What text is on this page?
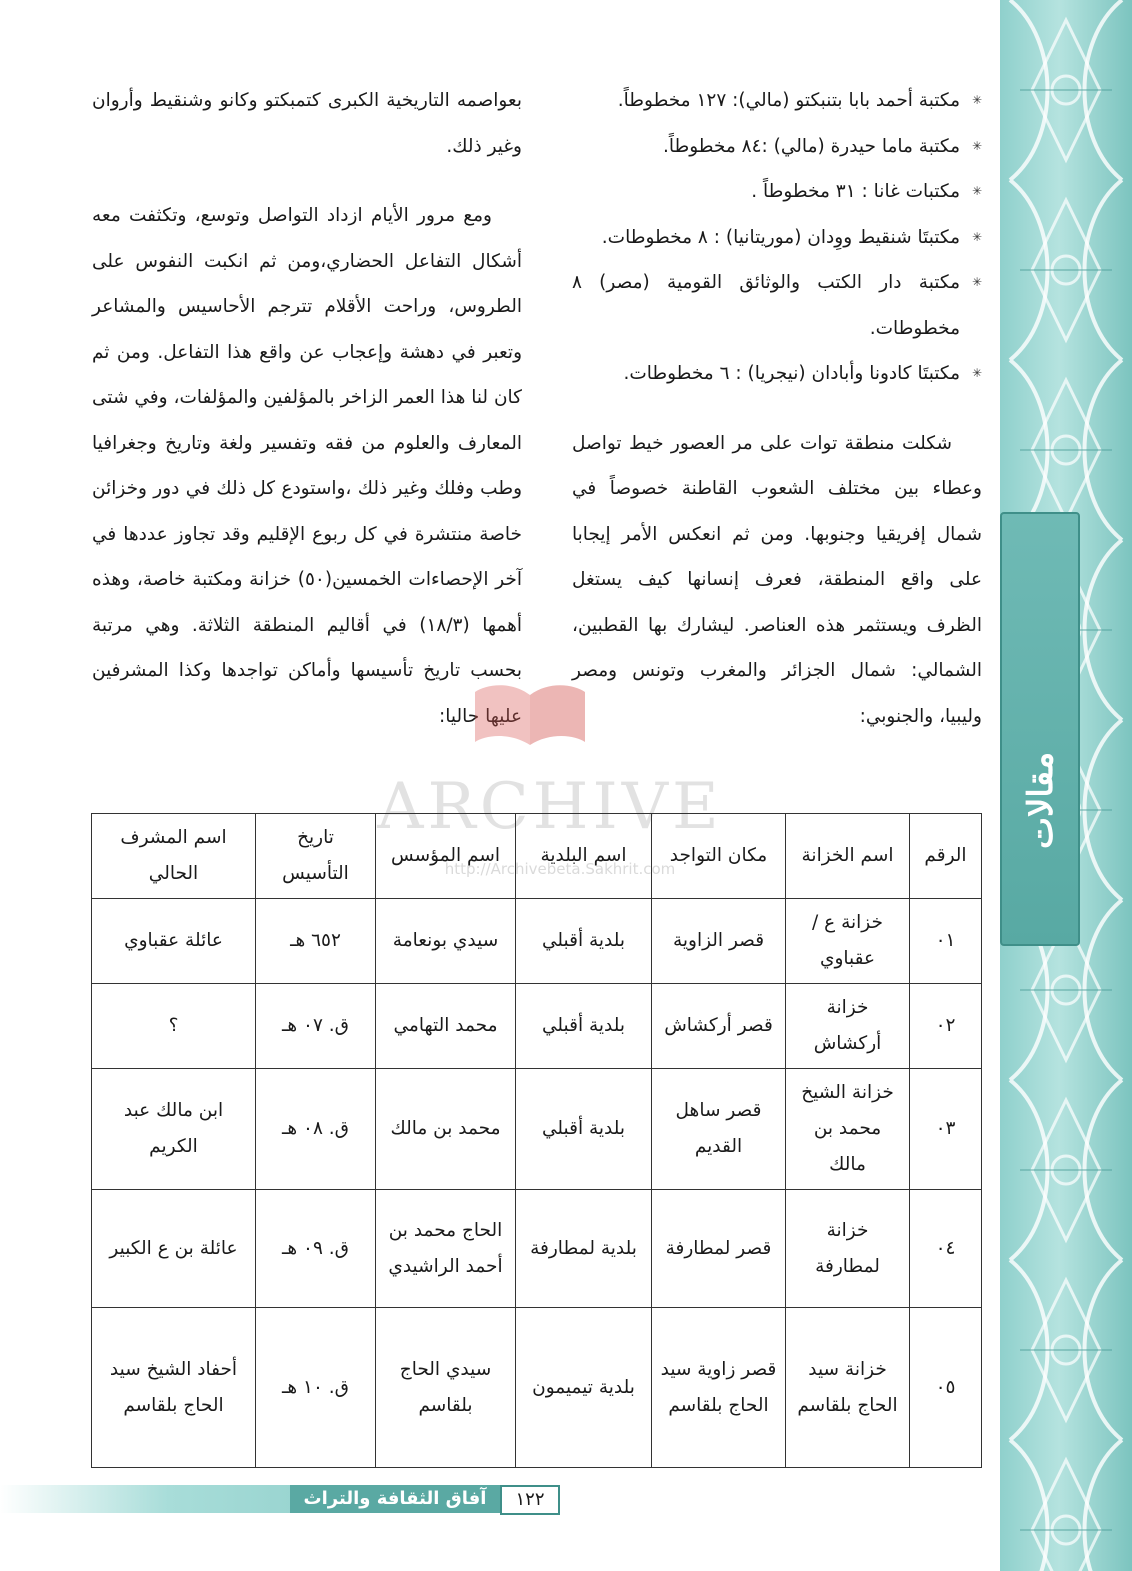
مقالات

✳ مكتبة أحمد بابا بتنبكتو (مالي): ١٢٧ مخطوطاً.

✳ مكتبة ماما حيدرة (مالي) :٨٤ مخطوطاً.

✳ مكتبات غانا : ٣١ مخطوطاً .

✳ مكتبتَا شنقيط ووِدان (موريتانيا) : ٨ مخطوطات.

✳ مكتبة دار الكتب والوثائق القومية (مصر) ٨ مخطوطات.

✳ مكتبتَا كادونا وأبادان (نيجريا) : ٦ مخطوطات.

شكلت منطقة توات على مر العصور خيط تواصل وعطاء بين مختلف الشعوب القاطنة خصوصاً في شمال إفريقيا وجنوبها. ومن ثم انعكس الأمر إيجابا على واقع المنطقة، فعرف إنسانها كيف يستغل الظرف ويستثمر هذه العناصر. ليشارك بها القطبين، الشمالي: شمال الجزائر والمغرب وتونس ومصر وليبيا، والجنوبي:

بعواصمه التاريخية الكبرى كتمبكتو وكانو وشنقيط وأروان وغير ذلك.

ومع مرور الأيام ازداد التواصل وتوسع، وتكثفت معه أشكال التفاعل الحضاري،ومن ثم انكبت النفوس على الطروس، وراحت الأقلام تترجم الأحاسيس والمشاعر وتعبر في دهشة وإعجاب عن واقع هذا التفاعل. ومن ثم كان لنا هذا العمر الزاخر بالمؤلفين والمؤلفات، وفي شتى المعارف والعلوم من فقه وتفسير ولغة وتاريخ وجغرافيا وطب وفلك وغير ذلك ،واستودع كل ذلك في دور وخزائن خاصة منتشرة في كل ربوع الإقليم وقد تجاوز عددها في آخر الإحصاءات الخمسين(٥٠) خزانة ومكتبة خاصة، وهذه أهمها (١٨/٣) في أقاليم المنطقة الثلاثة. وهي مرتبة بحسب تاريخ تأسيسها وأماكن تواجدها وكذا المشرفين عليها حاليا:

ARCHIVE
http://Archivebeta.Sakhrit.com
الرقم	اسم الخزانة	مكان التواجد	اسم البلدية	اسم المؤسس	تاريخ التأسيس	اسم المشرف الحالي
٠١	خزانة ع /عقباوي	قصر الزاوية	بلدية أقبلي	سيدي بونعامة	٦٥٢ هـ	عائلة عقباوي
٠٢	خزانة أركشاش	قصر أركشاش	بلدية أقبلي	محمد التهامي	ق. ٠٧ هـ	؟
٠٣	خزانة الشيخ محمد بن مالك	قصر ساهل القديم	بلدية أقبلي	محمد بن مالك	ق. ٠٨ هـ	ابن مالك عبد الكريم
٠٤	خزانة لمطارفة	قصر لمطارفة	بلدية لمطارفة	الحاج محمد بن أحمد الراشيدي	ق. ٠٩ هـ	عائلة بن ع الكبير
٠٥	خزانة سيد الحاج بلقاسم	قصر زاوية سيد الحاج بلقاسم	بلدية تيميمون	سيدي الحاج بلقاسم	ق. ١٠ هـ	أحفاد الشيخ سيد الحاج بلقاسم
آفاق الثقافة والتراث	١٢٢
